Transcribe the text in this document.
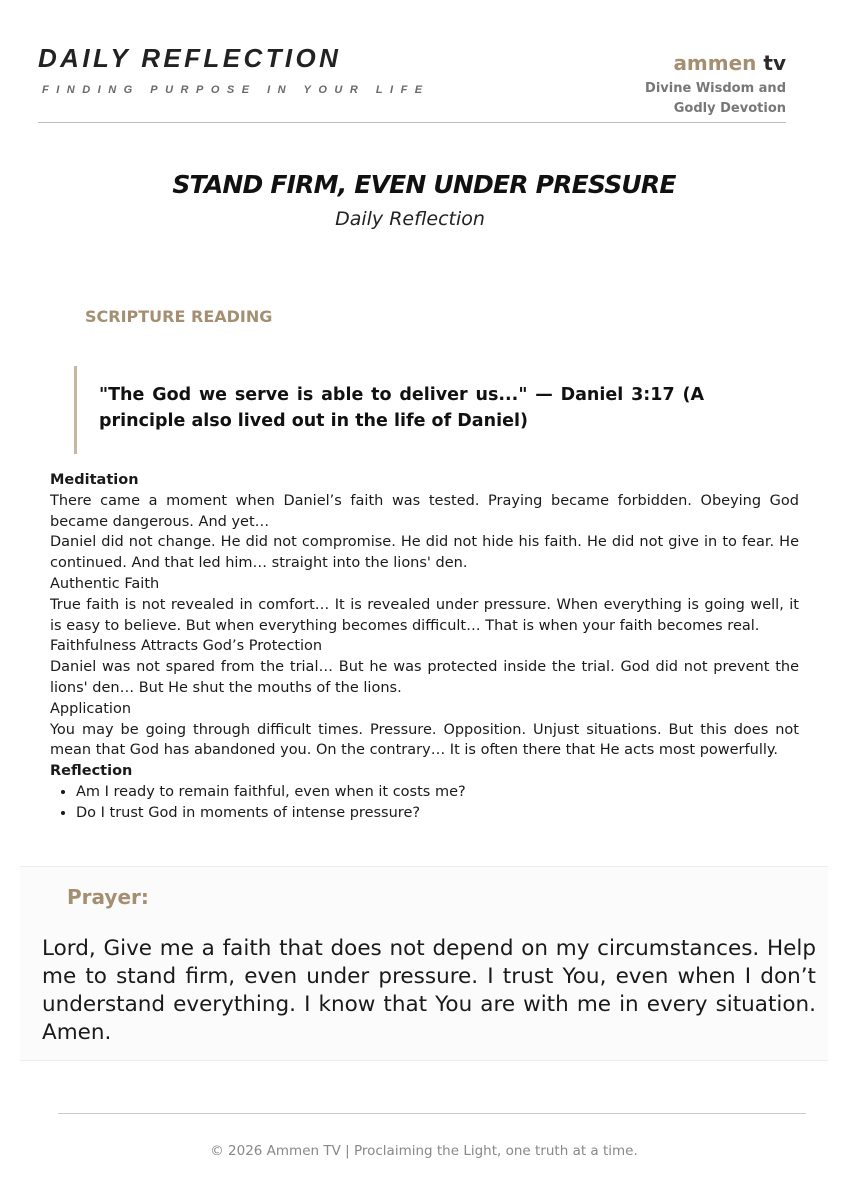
DAILY REFLECTION
FINDING PURPOSE IN YOUR LIFE
ammen tv
Divine Wisdom and
Godly Devotion
STAND FIRM, EVEN UNDER PRESSURE
Daily Reflection
SCRIPTURE READING
"The God we serve is able to deliver us..." — Daniel 3:17 (A principle also lived out in the life of Daniel)

Meditation

There came a moment when Daniel’s faith was tested. Praying became forbidden. Obeying God became dangerous. And yet…

Daniel did not change. He did not compromise. He did not hide his faith. He did not give in to fear. He continued. And that led him… straight into the lions' den.

Authentic Faith

True faith is not revealed in comfort… It is revealed under pressure. When everything is going well, it is easy to believe. But when everything becomes difficult… That is when your faith becomes real.

Faithfulness Attracts God’s Protection

Daniel was not spared from the trial… But he was protected inside the trial. God did not prevent the lions' den… But He shut the mouths of the lions.

Application

You may be going through difficult times. Pressure. Opposition. Unjust situations. But this does not mean that God has abandoned you. On the contrary… It is often there that He acts most powerfully.

Reflection

• Am I ready to remain faithful, even when it costs me?
• Do I trust God in moments of intense pressure?
Prayer:
Lord, Give me a faith that does not depend on my circumstances. Help me to stand firm, even under pressure. I trust You, even when I don’t understand everything. I know that You are with me in every situation. Amen.
© 2026 Ammen TV | Proclaiming the Light, one truth at a time.
